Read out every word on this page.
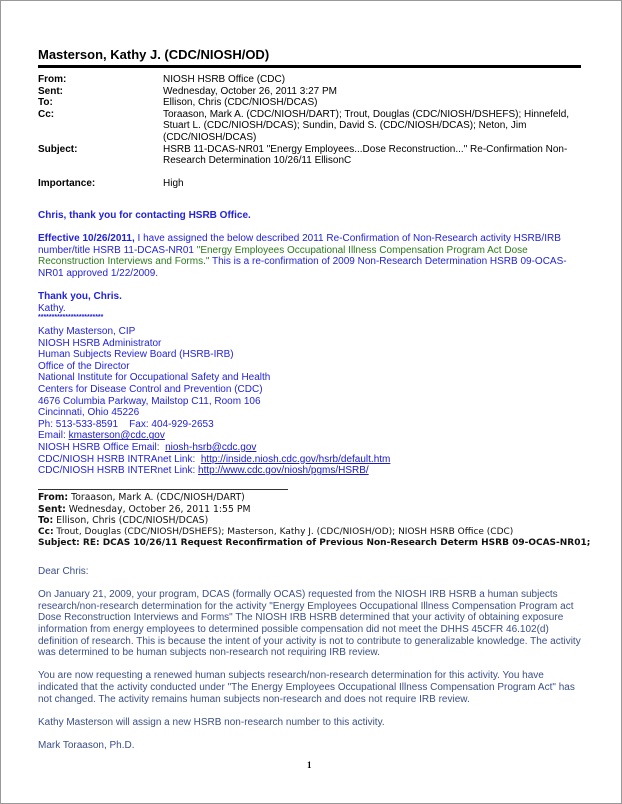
Masterson, Kathy J. (CDC/NIOSH/OD)
From:	NIOSH HSRB Office (CDC)
Sent:	Wednesday, October 26, 2011 3:27 PM
To:	Ellison, Chris (CDC/NIOSH/DCAS)
Cc:	Toraason, Mark A. (CDC/NIOSH/DART); Trout, Douglas (CDC/NIOSH/DSHEFS); Hinnefeld, Stuart L. (CDC/NIOSH/DCAS); Sundin, David S. (CDC/NIOSH/DCAS); Neton, Jim (CDC/NIOSH/DCAS)
Subject:	HSRB 11-DCAS-NR01 "Energy Employees...Dose Reconstruction..." Re-Confirmation Non-Research Determination 10/26/11 EllisonC
Importance:	High

Chris, thank you for contacting HSRB Office.

Effective 10/26/2011, I have assigned the below described 2011 Re-Confirmation of Non-Research activity HSRB/IRB number/title HSRB 11-DCAS-NR01 "Energy Employees Occupational Illness Compensation Program Act Dose Reconstruction Interviews and Forms." This is a re-confirmation of 2009 Non-Research Determination HSRB 09-OCAS-NR01 approved 1/22/2009.

Thank you, Chris.

Kathy.

************************

Kathy Masterson, CIP

NIOSH HSRB Administrator

Human Subjects Review Board (HSRB-IRB)

Office of the Director

National Institute for Occupational Safety and Health

Centers for Disease Control and Prevention (CDC)

4676 Columbia Parkway, Mailstop C11, Room 106

Cincinnati, Ohio 45226

Ph: 513-533-8591    Fax: 404-929-2653

Email: kmasterson@cdc.gov

NIOSH HSRB Office Email:  niosh-hsrb@cdc.gov

CDC/NIOSH HSRB INTRAnet Link:  http://inside.niosh.cdc.gov/hsrb/default.htm

CDC/NIOSH HSRB INTERnet Link: http://www.cdc.gov/niosh/pgms/HSRB/

From: Toraason, Mark A. (CDC/NIOSH/DART)

Sent: Wednesday, October 26, 2011 1:55 PM

To: Ellison, Chris (CDC/NIOSH/DCAS)

Cc: Trout, Douglas (CDC/NIOSH/DSHEFS); Masterson, Kathy J. (CDC/NIOSH/OD); NIOSH HSRB Office (CDC)

Subject: RE: DCAS 10/26/11 Request Reconfirmation of Previous Non-Research Determ HSRB 09-OCAS-NR01;

Dear Chris:

On January 21, 2009, your program, DCAS (formally OCAS) requested from the NIOSH IRB HSRB a human subjects research/non-research determination for the activity "Energy Employees Occupational Illness Compensation Program act Dose Reconstruction Interviews and Forms" The NIOSH IRB HSRB determined that your activity of obtaining exposure information from energy employees to determined possible compensation did not meet the DHHS 45CFR 46.102(d) definition of research. This is because the intent of your activity is not to contribute to generalizable knowledge. The activity was determined to be human subjects non-research not requiring IRB review.

You are now requesting a renewed human subjects research/non-research determination for this activity. You have indicated that the activity conducted under "The Energy Employees Occupational Illness Compensation Program Act" has not changed. The activity remains human subjects non-research and does not require IRB review.

Kathy Masterson will assign a new HSRB non-research number to this activity.

Mark Toraason, Ph.D.

1
